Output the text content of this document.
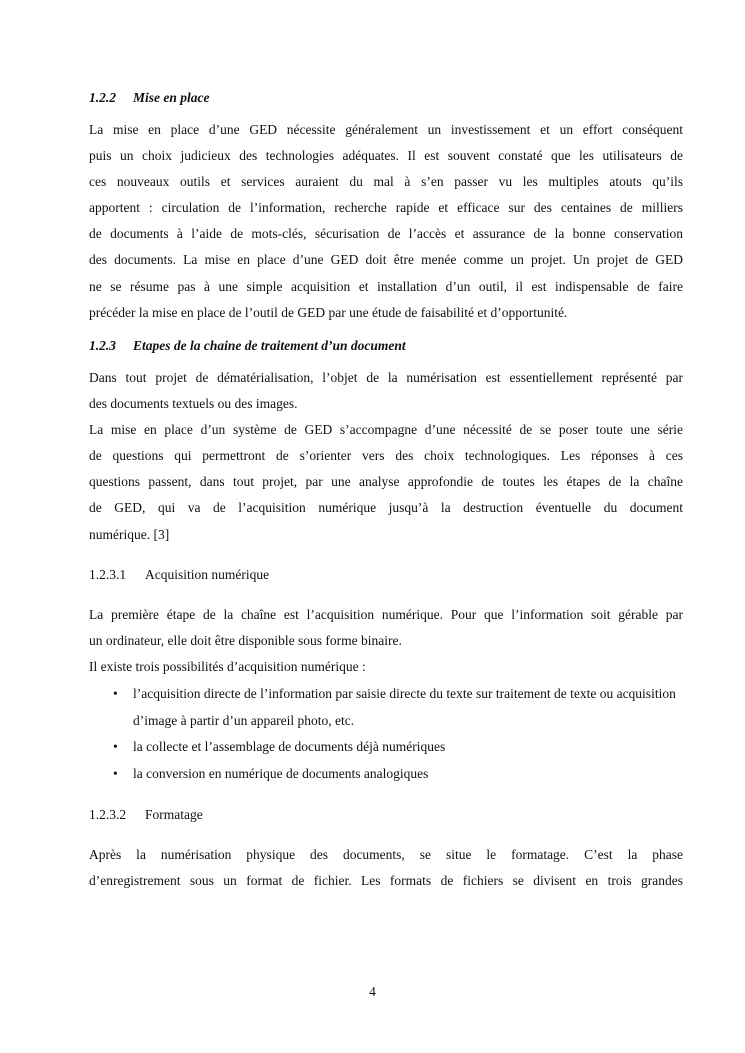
1.2.2 Mise en place

La mise en place d’une GED nécessite généralement un investissement et un effort conséquent
puis un choix judicieux des technologies adéquates. Il est souvent constaté que les utilisateurs de
ces nouveaux outils et services auraient du mal à s’en passer vu les multiples atouts qu’ils
apportent : circulation de l’information, recherche rapide et efficace sur des centaines de milliers
de documents à l’aide de mots-clés, sécurisation de l’accès et assurance de la bonne conservation
des documents. La mise en place d’une GED doit être menée comme un projet. Un projet de GED
ne se résume pas à une simple acquisition et installation d’un outil, il est indispensable de faire
précéder la mise en place de l’outil de GED par une étude de faisabilité et d’opportunité.

1.2.3 Etapes de la chaine de traitement d’un document

Dans tout projet de dématérialisation, l’objet de la numérisation est essentiellement représenté par
des documents textuels ou des images.
La mise en place d’un système de GED s’accompagne d’une nécessité de se poser toute une série
de questions qui permettront de s’orienter vers des choix technologiques. Les réponses à ces
questions passent, dans tout projet, par une analyse approfondie de toutes les étapes de la chaîne
de GED, qui va de l’acquisition numérique jusqu’à la destruction éventuelle du document
numérique. [3]

1.2.3.1 Acquisition numérique

La première étape de la chaîne est l’acquisition numérique. Pour que l’information soit gérable par
un ordinateur, elle doit être disponible sous forme binaire.
Il existe trois possibilités d’acquisition numérique :
• l’acquisition directe de l’information par saisie directe du texte sur traitement de texte ou acquisition d’image à partir d’un appareil photo, etc.
• la collecte et l’assemblage de documents déjà numériques
• la conversion en numérique de documents analogiques

1.2.3.2 Formatage

Après la numérisation physique des documents, se situe le formatage. C’est la phase
d’enregistrement sous un format de fichier. Les formats de fichiers se divisent en trois grandes
4
